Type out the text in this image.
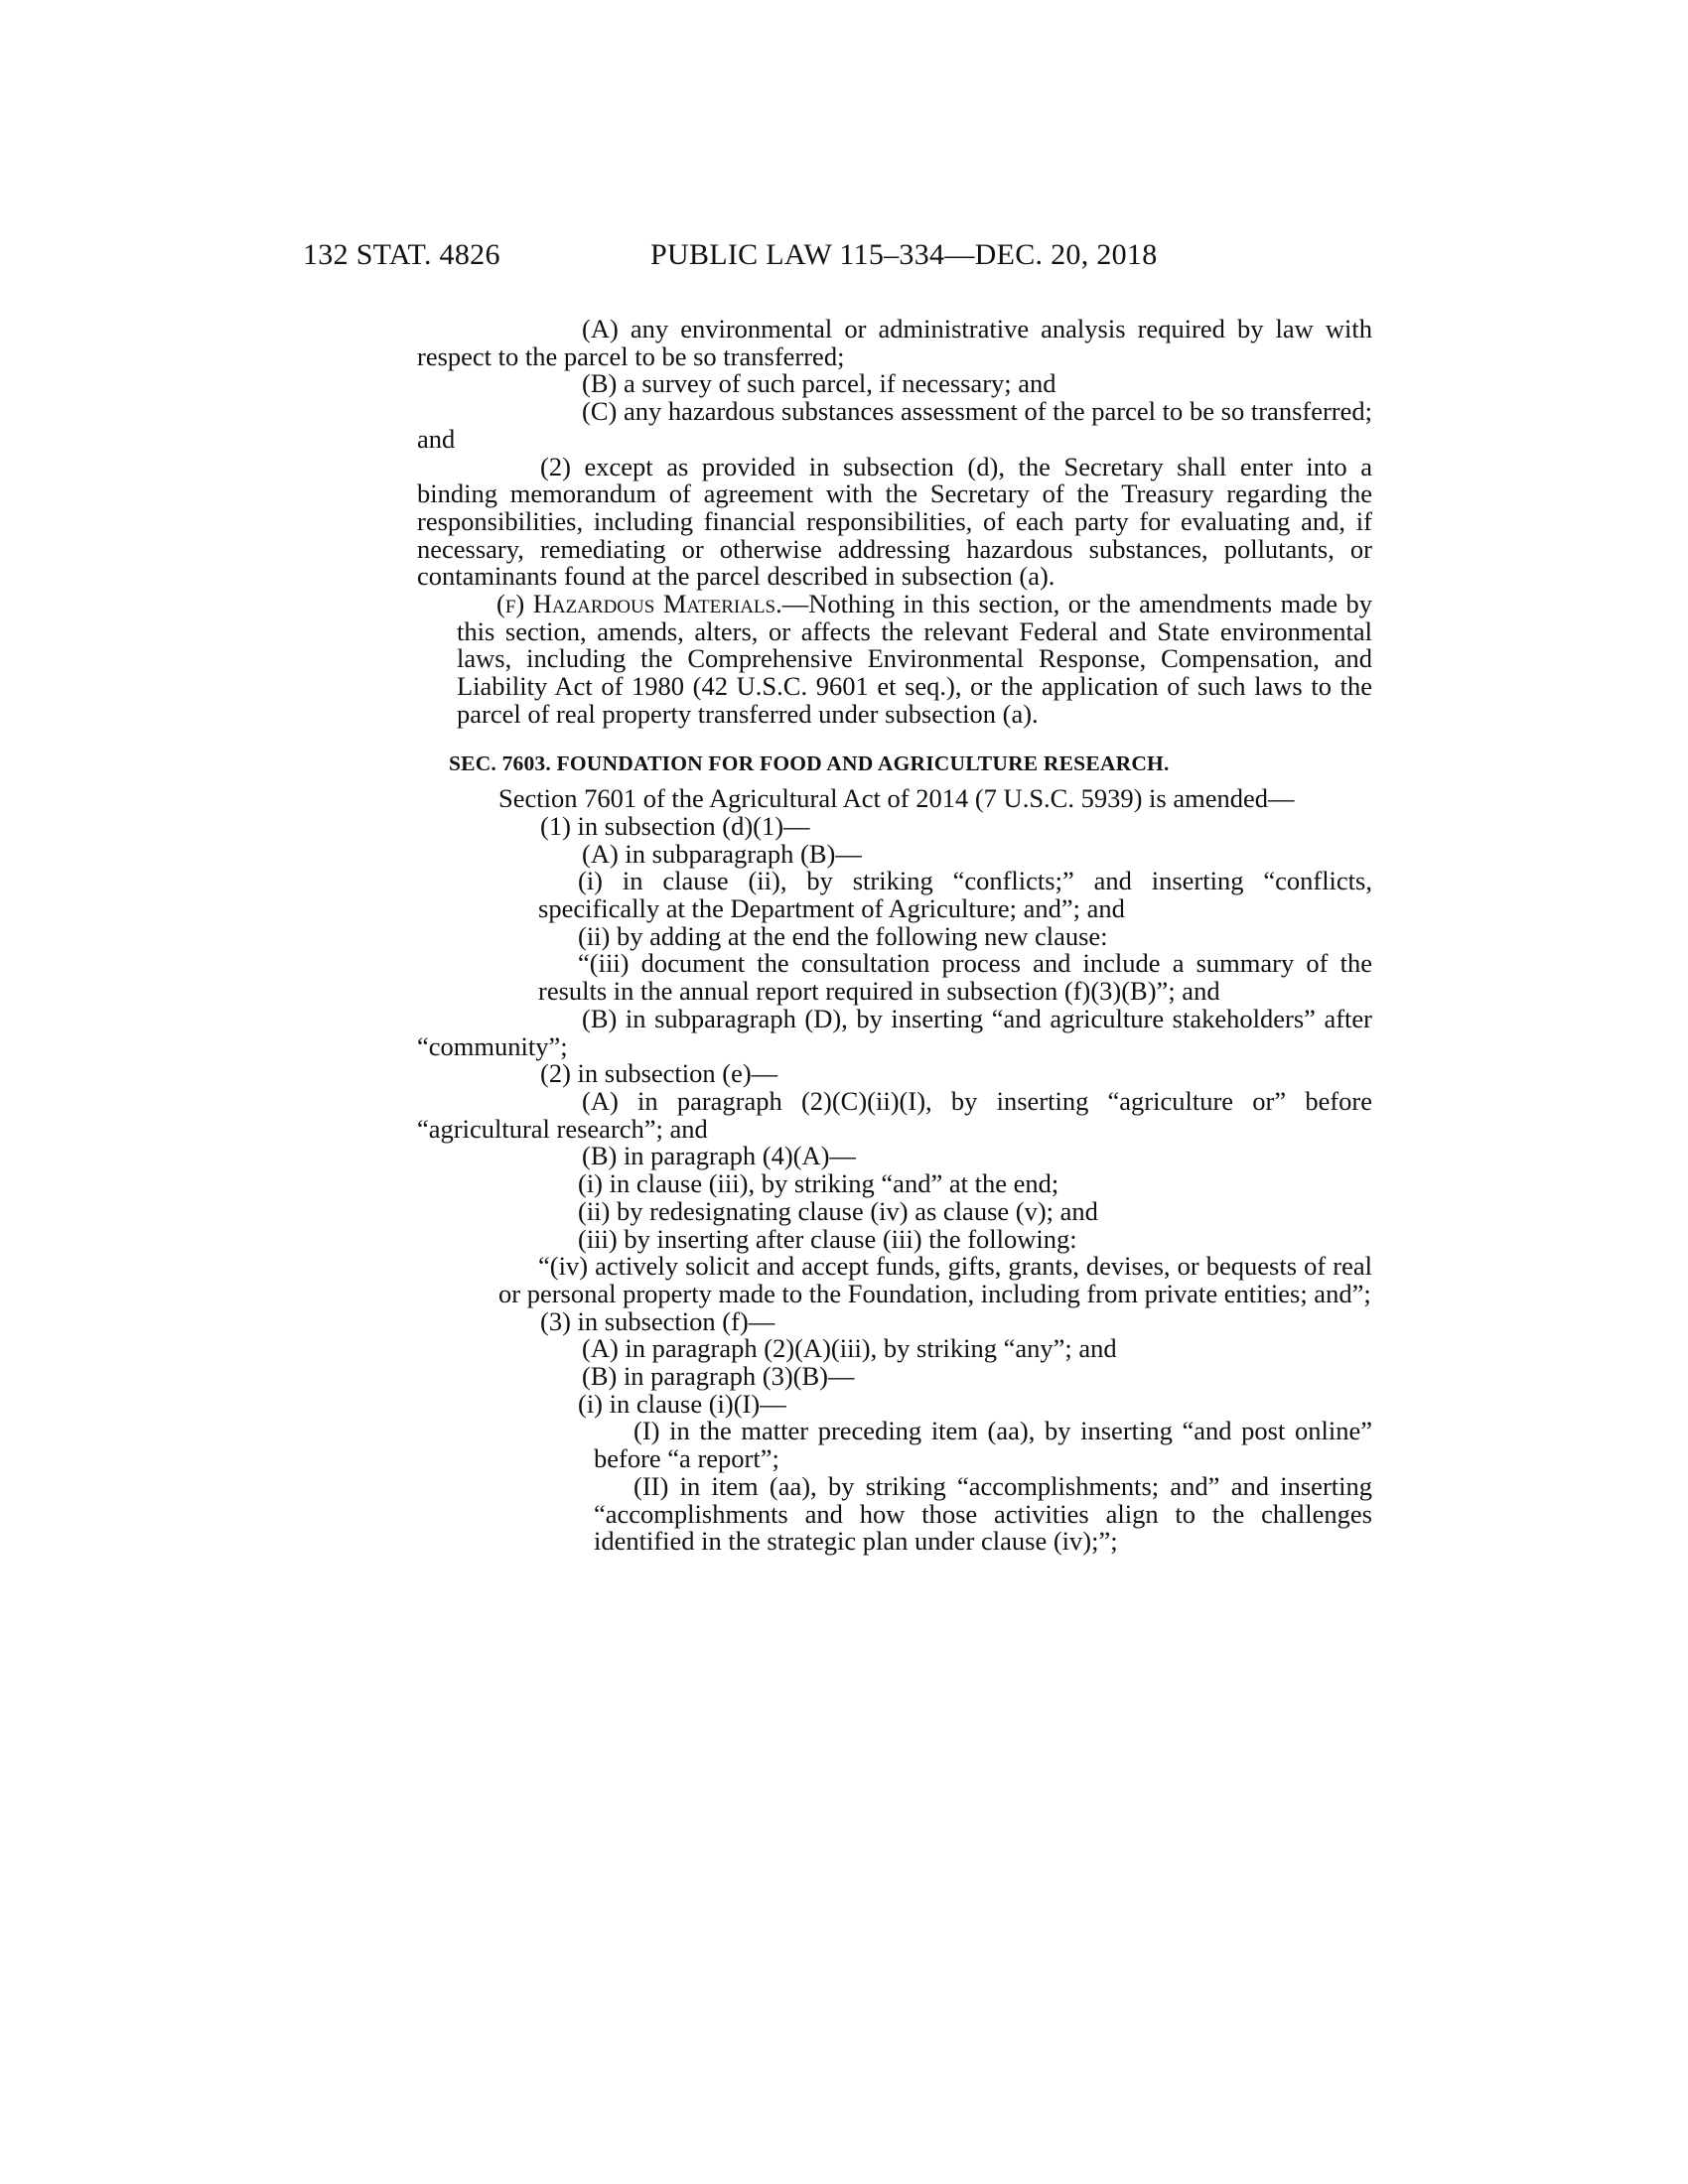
132 STAT. 4826	PUBLIC LAW 115–334—DEC. 20, 2018

(A) any environmental or administrative analysis required by law with respect to the parcel to be so transferred;

(B) a survey of such parcel, if necessary; and

(C) any hazardous substances assessment of the parcel to be so transferred; and

(2) except as provided in subsection (d), the Secretary shall enter into a binding memorandum of agreement with the Secretary of the Treasury regarding the responsibilities, including financial responsibilities, of each party for evaluating and, if necessary, remediating or otherwise addressing hazardous substances, pollutants, or contaminants found at the parcel described in subsection (a).

(f) Hazardous Materials.—Nothing in this section, or the amendments made by this section, amends, alters, or affects the relevant Federal and State environmental laws, including the Comprehensive Environmental Response, Compensation, and Liability Act of 1980 (42 U.S.C. 9601 et seq.), or the application of such laws to the parcel of real property transferred under subsection (a).

SEC. 7603. FOUNDATION FOR FOOD AND AGRICULTURE RESEARCH.

Section 7601 of the Agricultural Act of 2014 (7 U.S.C. 5939) is amended—

(1) in subsection (d)(1)—

(A) in subparagraph (B)—

(i) in clause (ii), by striking “conflicts;” and inserting “conflicts, specifically at the Department of Agriculture; and”; and

(ii) by adding at the end the following new clause:

“(iii) document the consultation process and include a summary of the results in the annual report required in subsection (f)(3)(B)”; and

(B) in subparagraph (D), by inserting “and agriculture stakeholders” after “community”;

(2) in subsection (e)—

(A) in paragraph (2)(C)(ii)(I), by inserting “agriculture or” before “agricultural research”; and

(B) in paragraph (4)(A)—

(i) in clause (iii), by striking “and” at the end;

(ii) by redesignating clause (iv) as clause (v); and

(iii) by inserting after clause (iii) the following:

“(iv) actively solicit and accept funds, gifts, grants, devises, or bequests of real or personal property made to the Foundation, including from private entities; and”;

(3) in subsection (f)—

(A) in paragraph (2)(A)(iii), by striking “any”; and

(B) in paragraph (3)(B)—

(i) in clause (i)(I)—

(I) in the matter preceding item (aa), by inserting “and post online” before “a report”;

(II) in item (aa), by striking “accomplishments; and” and inserting “accomplishments and how those activities align to the challenges identified in the strategic plan under clause (iv);”;
